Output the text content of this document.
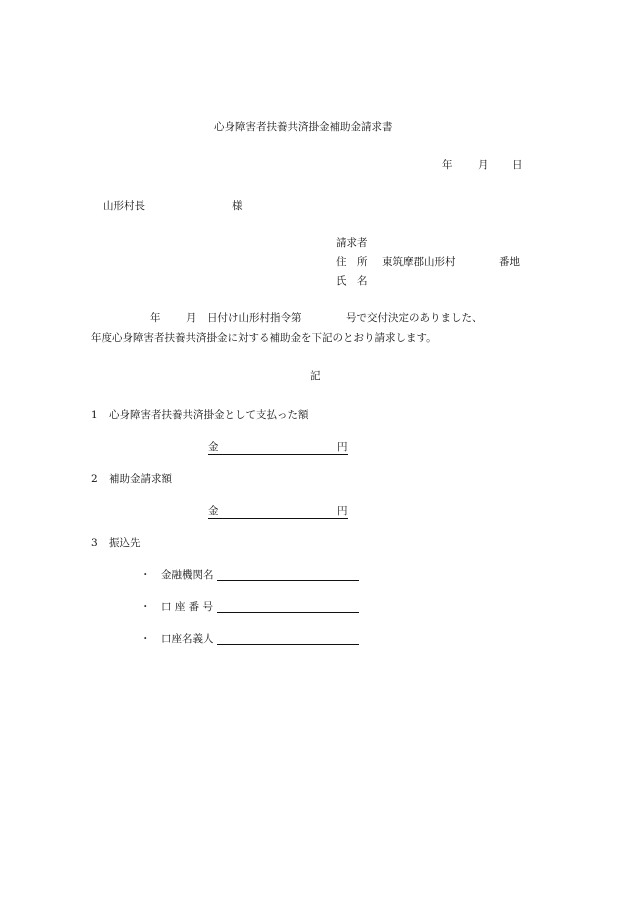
心身障害者扶養共済掛金補助金請求書
年 月 日
山形村長	様
請求者
住　所 東筑摩郡山形村	番地
氏　名
年 月 日付け山形村指令第	号で交付決定のありました、
年度心身障害者扶養共済掛金に対する補助金を下記のとおり請求します。
記
1 心身障害者扶養共済掛金として支払った額
金	円
2 補助金請求額
金	円
3 振込先
・ 金融機関名
・ 口 座 番 号
・ 口座名義人
